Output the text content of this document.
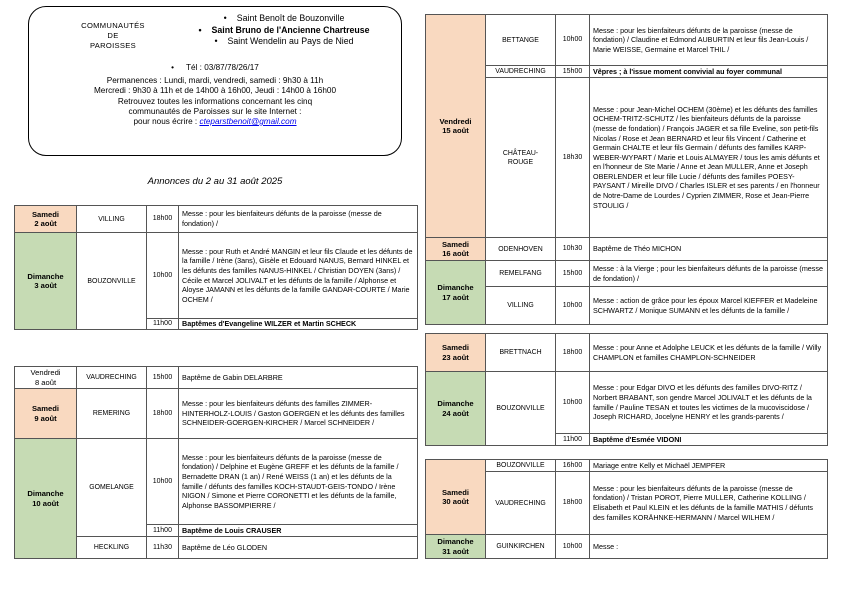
COMMUNAUTÉS
DE
PAROISSES
• Saint Benoît de Bouzonville
• Saint Bruno de l'Ancienne Chartreuse
• Saint Wendelin au Pays de Nied
• Tél : 03/87/78/26/17
Permanences : Lundi, mardi, vendredi, samedi : 9h30 à 11h
Mercredi : 9h30 à 11h et de 14h00 à 16h00, Jeudi : 14h00 à 16h00
Retrouvez toutes les informations concernant les cinq
communautés de Paroisses sur le site Internet :
pour nous écrire : cteparstbenoit@gmail.com
Annonces du 2 au 31 août 2025
Samedi
2 août	VILLING	18h00	Messe : pour les bienfaiteurs défunts de la paroisse (messe de fondation) /
Dimanche
3 août	BOUZONVILLE	10h00	Messe : pour Ruth et André MANGIN et leur fils Claude et les défunts de la famille / Irène (3ans), Gisèle et Edouard NANUS, Bernard HINKEL et les défunts des familles NANUS-HINKEL / Christian DOYEN (3ans) / Cécile et Marcel JOLIVALT et les défunts de la famille / Alphonse et Aloyse JAMANN et les défunts de la famille GANDAR-COURTE / Marie OCHEM /
		11h00	Baptêmes d'Evangeline WILZER et Martin SCHECK
Vendredi
8 août	VAUDRECHING	15h00	Baptême de Gabin DELARBRE
Samedi
9 août	REMERING	18h00	Messe : pour les bienfaiteurs défunts des familles ZIMMER-HINTERHOLZ-LOUIS / Gaston GOERGEN et les défunts des familles SCHNEIDER-GOERGEN-KIRCHER / Marcel SCHNEIDER /
Dimanche
10 août	GOMELANGE	10h00	Messe : pour les bienfaiteurs défunts de la paroisse (messe de fondation) / Delphine et Eugène GREFF et les défunts de la famille / Bernadette DRAN (1 an) / René WEISS (1 an) et les défunts de la famille / défunts des familles KOCH-STAUDT-GEIS-TONDO / Irène NIGON / Simone et Pierre CORONETTI et les défunts de la famille, Alphonse BASSOMPIERRE /
		11h00	Baptême de Louis CRAUSER
	HECKLING	11h30	Baptême de Léo GLODEN
Vendredi
15 août	BETTANGE	10h00	Messe : pour les bienfaiteurs défunts de la paroisse (messe de fondation) / Claudine et Edmond AUBURTIN et leur fils Jean-Louis / Marie WEISSE, Germaine et Marcel THIL /
	VAUDRECHING	15h00	Vêpres ; à l'issue moment convivial au foyer communal
	CHÂTEAU-
ROUGE	18h30	Messe : pour Jean-Michel OCHEM (30ème) et les défunts des familles OCHEM-TRITZ-SCHUTZ / les bienfaiteurs défunts de la paroisse (messe de fondation) / François JAGER et sa fille Eveline, son petit-fils Nicolas / Rose et Jean BERNARD et leur fils Vincent / Catherine et Germain CHALTE et leur fils Germain / défunts des familles KARP-WEBER-WYPART / Marie et Louis ALMAYER / tous les amis défunts et en l'honneur de Ste Marie / Anne et Jean MULLER, Anne et Joseph OBERLENDER et leur fille Lucie / défunts des familles POESY-PAYSANT / Mireille DIVO / Charles ISLER et ses parents / en l'honneur de Notre-Dame de Lourdes / Cyprien ZIMMER, Rose et Jean-Pierre STOULIG /
Samedi
16 août	ODENHOVEN	10h30	Baptême de Théo MICHON
Dimanche
17 août	REMELFANG	15h00	Messe : à la Vierge ; pour les bienfaiteurs défunts de la paroisse (messe de fondation) /
	VILLING	10h00	Messe : action de grâce pour les époux Marcel KIEFFER et Madeleine SCHWARTZ / Monique SUMANN et les défunts de la famille /
Samedi
23 août	BRETTNACH	18h00	Messe : pour Anne et Adolphe LEUCK et les défunts de la famille / Willy CHAMPLON et familles CHAMPLON-SCHNEIDER
Dimanche
24 août	BOUZONVILLE	10h00	Messe : pour Edgar DIVO et les défunts des familles DIVO-RITZ / Norbert BRABANT, son gendre Marcel JOLIVALT et les défunts de la famille / Pauline TESAN et toutes les victimes de la mucoviscidose / Joseph RICHARD, Jocelyne HENRY et les grands-parents /
		11h00	Baptême d'Esmée VIDONI
Samedi
30 août	BOUZONVILLE	16h00	Mariage entre Kelly et Michaël JEMPFER
	VAUDRECHING	18h00	Messe : pour les bienfaiteurs défunts de la paroisse (messe de fondation) / Tristan POROT, Pierre MULLER, Catherine KOLLING / Elisabeth et Paul KLEIN et les défunts de la famille MATHIS / défunts des familles KORÄHNKE-HERMANN / Marcel WILHEM /
Dimanche
31 août	GUINKIRCHEN	10h00	Messe :
